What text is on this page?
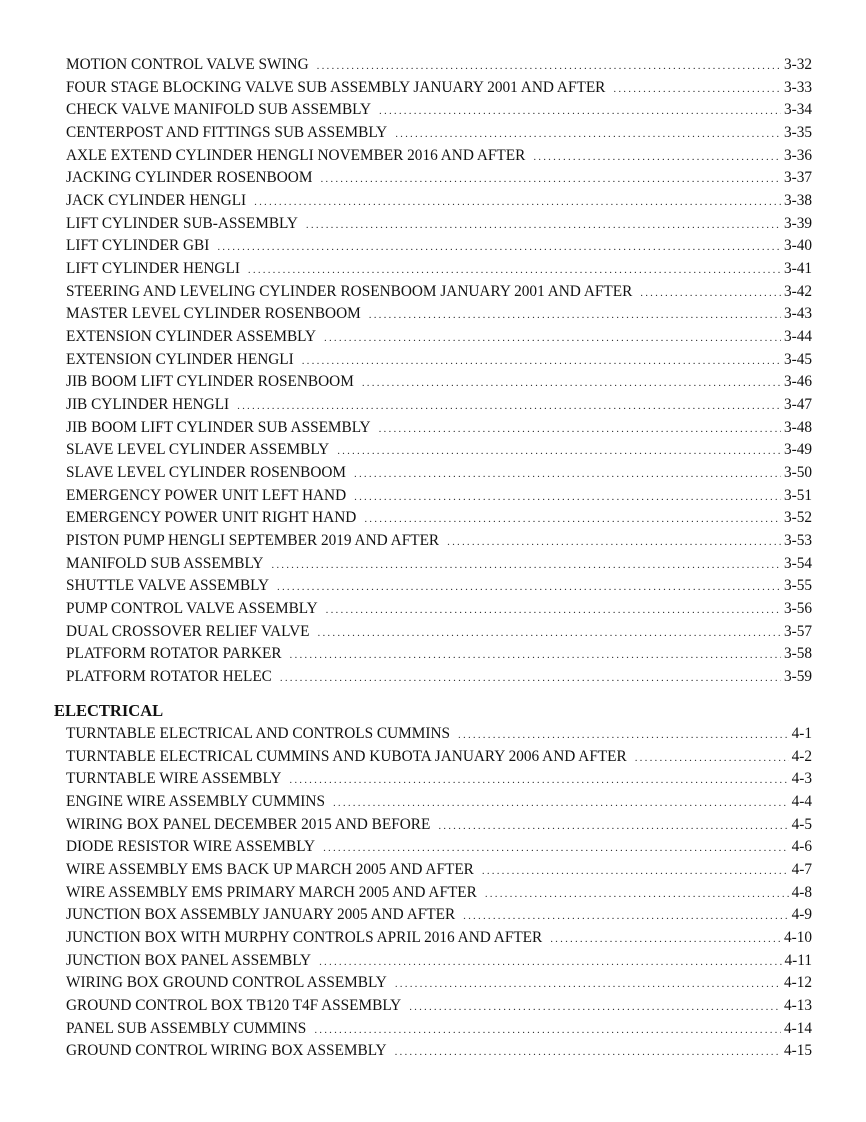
MOTION CONTROL VALVE SWING .....	3-32
FOUR STAGE BLOCKING VALVE SUB ASSEMBLY JANUARY 2001 AND AFTER .....	3-33
CHECK VALVE MANIFOLD SUB ASSEMBLY .....	3-34
CENTERPOST AND FITTINGS SUB ASSEMBLY .....	3-35
AXLE EXTEND CYLINDER HENGLI NOVEMBER 2016 AND AFTER .....	3-36
JACKING CYLINDER ROSENBOOM .....	3-37
JACK CYLINDER HENGLI .....	3-38
LIFT CYLINDER SUB-ASSEMBLY .....	3-39
LIFT CYLINDER GBI .....	3-40
LIFT CYLINDER HENGLI .....	3-41
STEERING AND LEVELING CYLINDER ROSENBOOM JANUARY 2001 AND AFTER .....	3-42
MASTER LEVEL CYLINDER ROSENBOOM .....	3-43
EXTENSION CYLINDER ASSEMBLY .....	3-44
EXTENSION CYLINDER HENGLI .....	3-45
JIB BOOM LIFT CYLINDER ROSENBOOM .....	3-46
JIB CYLINDER HENGLI .....	3-47
JIB BOOM LIFT CYLINDER SUB ASSEMBLY .....	3-48
SLAVE LEVEL CYLINDER ASSEMBLY .....	3-49
SLAVE LEVEL CYLINDER ROSENBOOM .....	3-50
EMERGENCY POWER UNIT LEFT HAND .....	3-51
EMERGENCY POWER UNIT RIGHT HAND .....	3-52
PISTON PUMP HENGLI SEPTEMBER 2019 AND AFTER .....	3-53
MANIFOLD SUB ASSEMBLY .....	3-54
SHUTTLE VALVE ASSEMBLY .....	3-55
PUMP CONTROL VALVE ASSEMBLY .....	3-56
DUAL CROSSOVER RELIEF VALVE .....	3-57
PLATFORM ROTATOR PARKER .....	3-58
PLATFORM ROTATOR HELEC .....	3-59
ELECTRICAL
TURNTABLE ELECTRICAL AND CONTROLS CUMMINS .....	4-1
TURNTABLE ELECTRICAL CUMMINS AND KUBOTA JANUARY 2006 AND AFTER .....	4-2
TURNTABLE WIRE ASSEMBLY .....	4-3
ENGINE WIRE ASSEMBLY CUMMINS .....	4-4
WIRING BOX PANEL DECEMBER 2015 AND BEFORE .....	4-5
DIODE RESISTOR WIRE ASSEMBLY .....	4-6
WIRE ASSEMBLY EMS BACK UP MARCH 2005 AND AFTER .....	4-7
WIRE ASSEMBLY EMS PRIMARY MARCH 2005 AND AFTER .....	4-8
JUNCTION BOX ASSEMBLY JANUARY 2005 AND AFTER .....	4-9
JUNCTION BOX WITH MURPHY CONTROLS APRIL 2016 AND AFTER .....	4-10
JUNCTION BOX PANEL ASSEMBLY .....	4-11
WIRING BOX GROUND CONTROL ASSEMBLY .....	4-12
GROUND CONTROL BOX TB120 T4F ASSEMBLY .....	4-13
PANEL SUB ASSEMBLY CUMMINS .....	4-14
GROUND CONTROL WIRING BOX ASSEMBLY .....	4-15
